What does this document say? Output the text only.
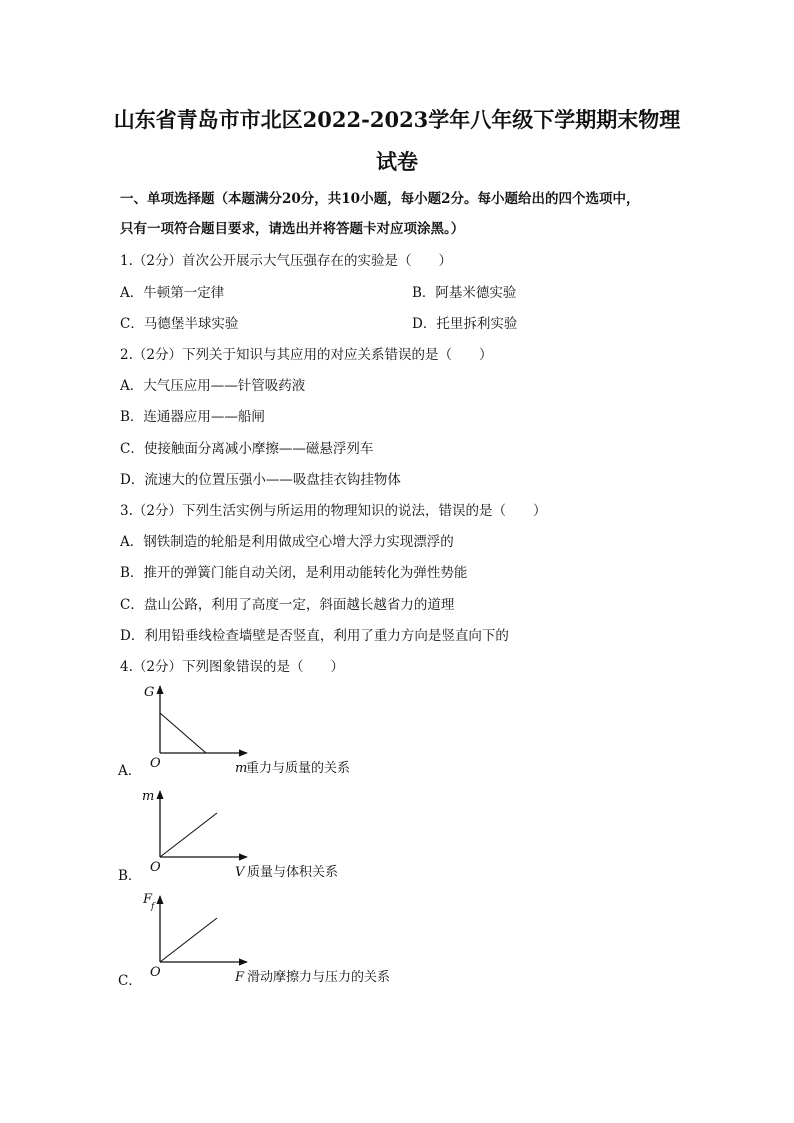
山东省青岛市市北区2022-2023学年八年级下学期期末物理
试卷
一、单项选择题（本题满分20分，共10小题，每小题2分。每小题给出的四个选项中，
只有一项符合题目要求，请选出并将答题卡对应项涂黑。）
1.（2分）首次公开展示大气压强存在的实验是（　　）
A．牛顿第一定律	B．阿基米德实验
C．马德堡半球实验	D．托里拆利实验
2.（2分）下列关于知识与其应用的对应关系错误的是（　　）
A．大气压应用——针管吸药液
B．连通器应用——船闸
C．使接触面分离减小摩擦——磁悬浮列车
D．流速大的位置压强小——吸盘挂衣钩挂物体
3.（2分）下列生活实例与所运用的物理知识的说法，错误的是（　　）
A．钢铁制造的轮船是利用做成空心增大浮力实现漂浮的
B．推开的弹簧门能自动关闭，是利用动能转化为弹性势能
C．盘山公路，利用了高度一定，斜面越长越省力的道理
D．利用铅垂线检查墙壁是否竖直，利用了重力方向是竖直向下的
4.（2分）下列图象错误的是（　　）
A．
B．
C．
G
O	m
重力与质量的关系
m
O	V 质量与体积关系
F
f
O	F 滑动摩擦力与压力的关系
